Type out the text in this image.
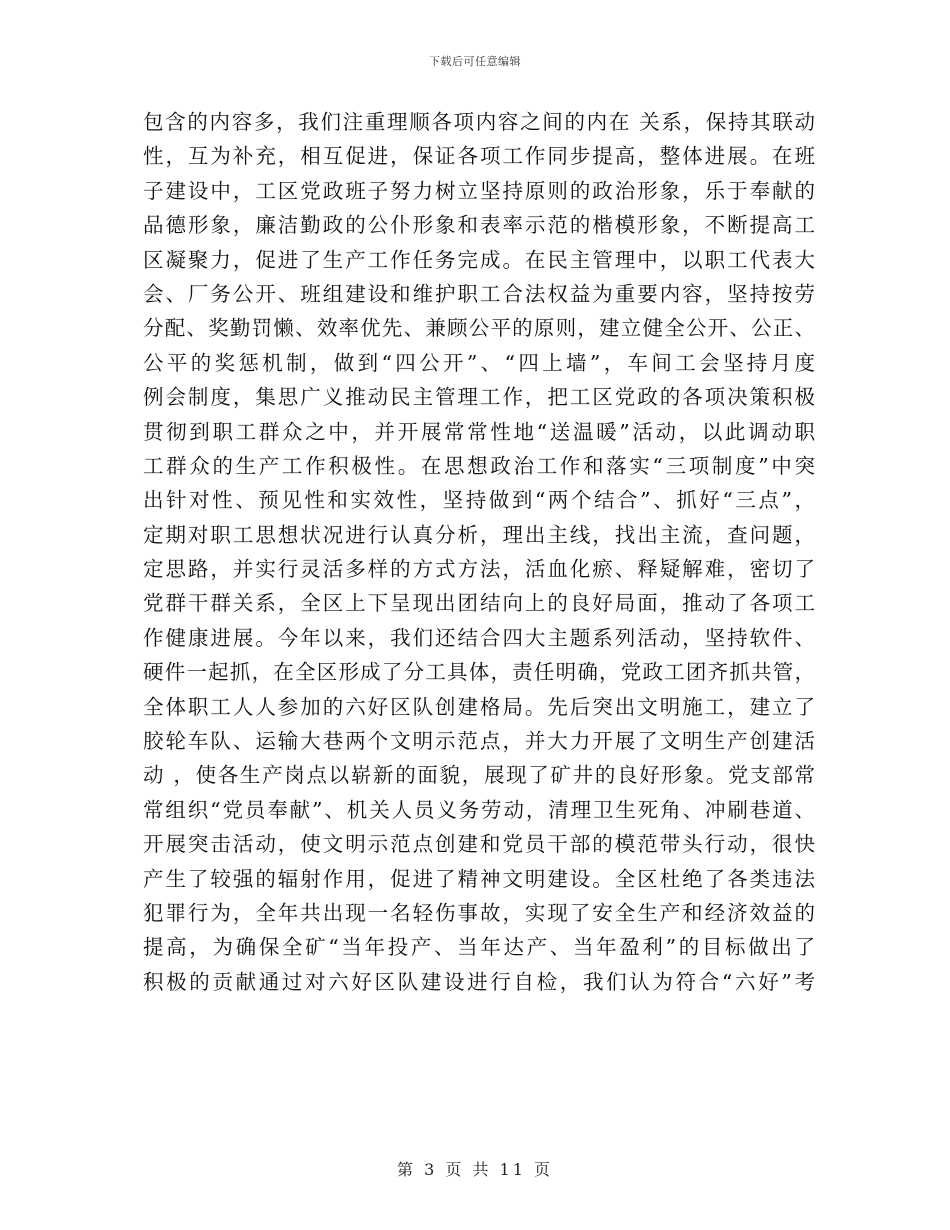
下载后可任意编辑
包含的内容多，我们注重理顺各项内容之间的内在 关系，保持其联动
性，互为补充，相互促进，保证各项工作同步提高，整体进展。在班
子建设中，工区党政班子努力树立坚持原则的政治形象，乐于奉献的
品德形象，廉洁勤政的公仆形象和表率示范的楷模形象，不断提高工
区凝聚力，促进了生产工作任务完成。在民主管理中，以职工代表大
会、厂务公开、班组建设和维护职工合法权益为重要内容，坚持按劳
分配、奖勤罚懒、效率优先、兼顾公平的原则，建立健全公开、公正、
公平的奖惩机制，做到“四公开”、“四上墙”，车间工会坚持月度
例会制度，集思广义推动民主管理工作，把工区党政的各项决策积极
贯彻到职工群众之中，并开展常常性地“送温暖”活动，以此调动职
工群众的生产工作积极性。在思想政治工作和落实“三项制度”中突
出针对性、预见性和实效性，坚持做到“两个结合”、抓好“三点”，
定期对职工思想状况进行认真分析，理出主线，找出主流，查问题，
定思路，并实行灵活多样的方式方法，活血化瘀、释疑解难，密切了
党群干群关系，全区上下呈现出团结向上的良好局面，推动了各项工
作健康进展。今年以来，我们还结合四大主题系列活动，坚持软件、
硬件一起抓，在全区形成了分工具体，责任明确，党政工团齐抓共管，
全体职工人人参加的六好区队创建格局。先后突出文明施工，建立了
胶轮车队、运输大巷两个文明示范点，并大力开展了文明生产创建活
动 ，使各生产岗点以崭新的面貌，展现了矿井的良好形象。党支部常
常组织“党员奉献”、机关人员义务劳动，清理卫生死角、冲刷巷道、
开展突击活动，使文明示范点创建和党员干部的模范带头行动，很快
产生了较强的辐射作用，促进了精神文明建设。全区杜绝了各类违法
犯罪行为，全年共出现一名轻伤事故，实现了安全生产和经济效益的
提高，为确保全矿“当年投产、当年达产、当年盈利”的目标做出了
积极的贡献通过对六好区队建设进行自检，我们认为符合“六好”考
第 3 页 共 11 页
